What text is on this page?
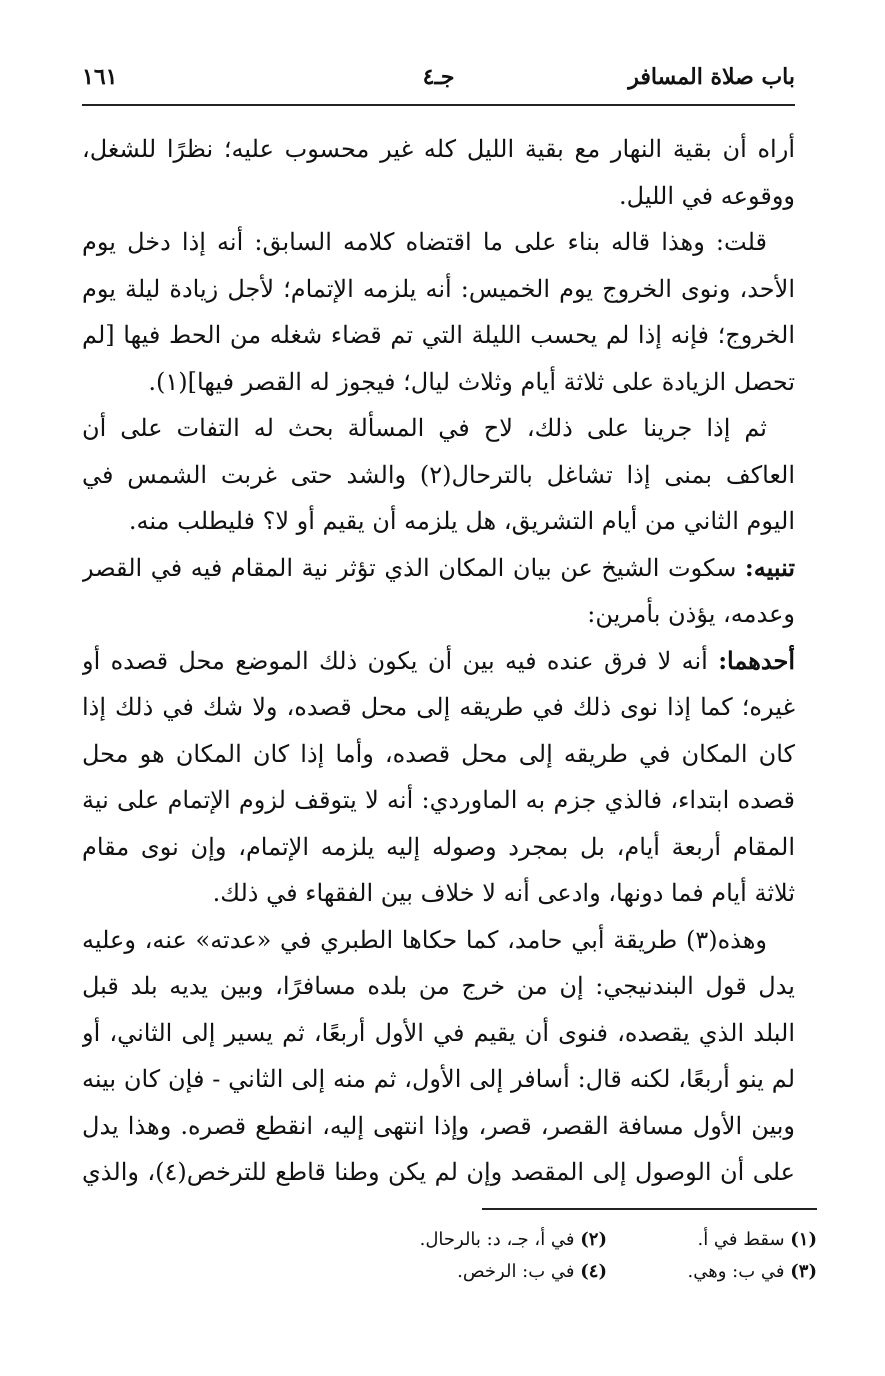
باب صلاة المسافر
جـ٤
١٦١

أراه أن بقية النهار مع بقية الليل كله غير محسوب عليه؛ نظرًا للشغل، ووقوعه في الليل.

قلت: وهذا قاله بناء على ما اقتضاه كلامه السابق: أنه إذا دخل يوم الأحد، ونوى الخروج يوم الخميس: أنه يلزمه الإتمام؛ لأجل زيادة ليلة يوم الخروج؛ فإنه إذا لم يحسب الليلة التي تم قضاء شغله من الحط فيها [لم تحصل الزيادة على ثلاثة أيام وثلاث ليال؛ فيجوز له القصر فيها](١).

ثم إذا جرينا على ذلك، لاح في المسألة بحث له التفات على أن العاكف بمنى إذا تشاغل بالترحال(٢) والشد حتى غربت الشمس في اليوم الثاني من أيام التشريق، هل يلزمه أن يقيم أو لا؟ فليطلب منه.

تنبيه: سكوت الشيخ عن بيان المكان الذي تؤثر نية المقام فيه في القصر وعدمه، يؤذن بأمرين:

أحدهما: أنه لا فرق عنده فيه بين أن يكون ذلك الموضع محل قصده أو غيره؛ كما إذا نوى ذلك في طريقه إلى محل قصده، ولا شك في ذلك إذا كان المكان في طريقه إلى محل قصده، وأما إذا كان المكان هو محل قصده ابتداء، فالذي جزم به الماوردي: أنه لا يتوقف لزوم الإتمام على نية المقام أربعة أيام، بل بمجرد وصوله إليه يلزمه الإتمام، وإن نوى مقام ثلاثة أيام فما دونها، وادعى أنه لا خلاف بين الفقهاء في ذلك.

وهذه(٣) طريقة أبي حامد، كما حكاها الطبري في «عدته» عنه، وعليه يدل قول البندنيجي: إن من خرج من بلده مسافرًا، وبين يديه بلد قبل البلد الذي يقصده، فنوى أن يقيم في الأول أربعًا، ثم يسير إلى الثاني، أو لم ينو أربعًا، لكنه قال: أسافر إلى الأول، ثم منه إلى الثاني - فإن كان بينه وبين الأول مسافة القصر، قصر، وإذا انتهى إليه، انقطع قصره. وهذا يدل على أن الوصول إلى المقصد وإن لم يكن وطنا قاطع للترخص(٤)، والذي

(١) سقط في أ.
(٢) في أ، جـ، د: بالرحال.
(٣) في ب: وهي.
(٤) في ب: الرخص.
